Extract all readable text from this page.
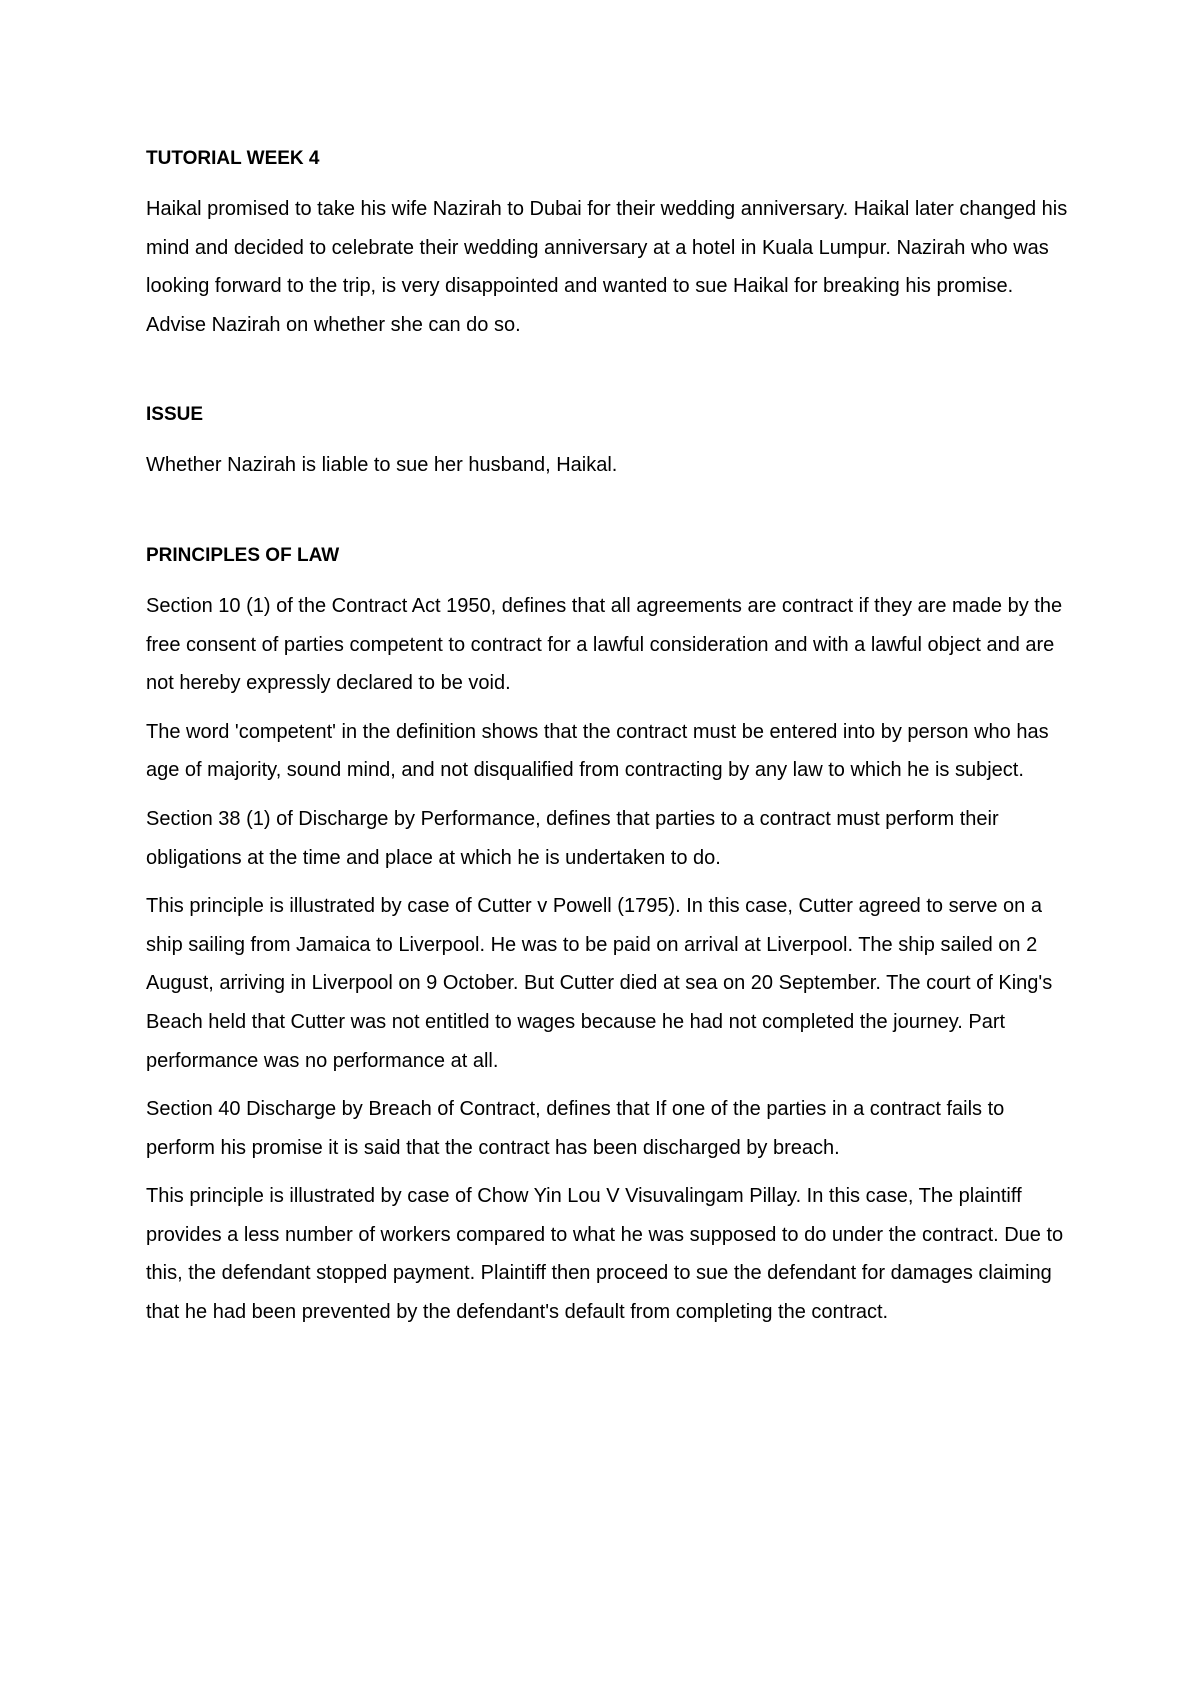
TUTORIAL WEEK 4

Haikal promised to take his wife Nazirah to Dubai for their wedding anniversary. Haikal later changed his mind and decided to celebrate their wedding anniversary at a hotel in Kuala Lumpur. Nazirah who was looking forward to the trip, is very disappointed and wanted to sue Haikal for breaking his promise. Advise Nazirah on whether she can do so.

ISSUE

Whether Nazirah is liable to sue her husband, Haikal.

PRINCIPLES OF LAW

Section 10 (1) of the Contract Act 1950, defines that all agreements are contract if they are made by the free consent of parties competent to contract for a lawful consideration and with a lawful object and are not hereby expressly declared to be void.

The word 'competent' in the definition shows that the contract must be entered into by person who has age of majority, sound mind, and not disqualified from contracting by any law to which he is subject.

Section 38 (1) of Discharge by Performance, defines that parties to a contract must perform their obligations at the time and place at which he is undertaken to do.

This principle is illustrated by case of Cutter v Powell (1795). In this case, Cutter agreed to serve on a ship sailing from Jamaica to Liverpool. He was to be paid on arrival at Liverpool. The ship sailed on 2 August, arriving in Liverpool on 9 October. But Cutter died at sea on 20 September. The court of King's Beach held that Cutter was not entitled to wages because he had not completed the journey. Part performance was no performance at all.

Section 40 Discharge by Breach of Contract, defines that If one of the parties in a contract fails to perform his promise it is said that the contract has been discharged by breach.

This principle is illustrated by case of Chow Yin Lou V Visuvalingam Pillay. In this case, The plaintiff provides a less number of workers compared to what he was supposed to do under the contract. Due to this, the defendant stopped payment. Plaintiff then proceed to sue the defendant for damages claiming that he had been prevented by the defendant's default from completing the contract.
